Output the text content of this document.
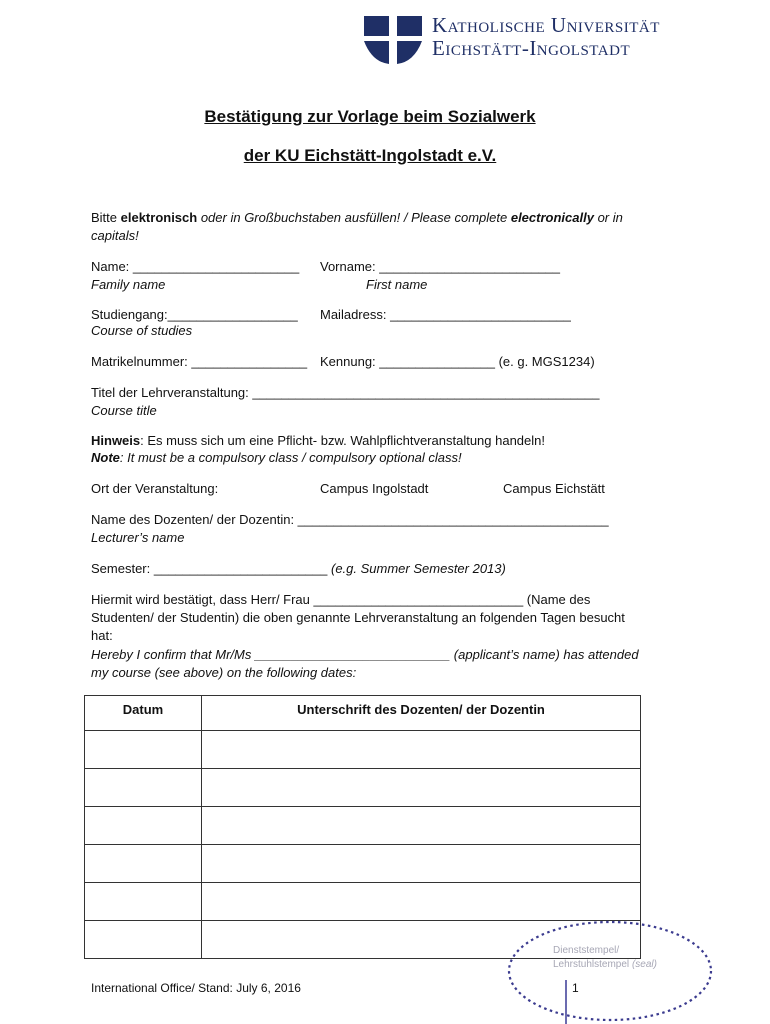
Katholische Universität
Eichstätt-Ingolstadt
Bestätigung zur Vorlage beim Sozialwerk
der KU Eichstätt-Ingolstadt e.V.
Bitte elektronisch oder in Großbuchstaben ausfüllen! / Please complete electronically or in
capitals!
Name: _______________________
Family name
Vorname: _________________________
First name
Studiengang:__________________
Course of studies
Mailadress: _________________________
Matrikelnummer: ________________ Kennung: ________________ (e. g. MGS1234)
Titel der Lehrveranstaltung: ________________________________________________
Course title
Hinweis: Es muss sich um eine Pflicht- bzw. Wahlpflichtveranstaltung handeln!
Note: It must be a compulsory class / compulsory optional class!
Ort der Veranstaltung:	Campus Ingolstadt	Campus Eichstätt
Name des Dozenten/ der Dozentin: ___________________________________________
Lecturer’s name
Semester: ________________________ (e.g. Summer Semester 2013)
Hiermit wird bestätigt, dass Herr/ Frau _____________________________ (Name des
Studenten/ der Studentin) die oben genannte Lehrveranstaltung an folgenden Tagen besucht
hat:
Hereby I confirm that Mr/Ms ___________________________ (applicant’s name) has attended
my course (see above) on the following dates:
Datum	Unterschrift des Dozenten/ der Dozentin

Dienststempel/
Lehrstuhlstempel (seal)
International Office/ Stand: July 6, 2016	1
